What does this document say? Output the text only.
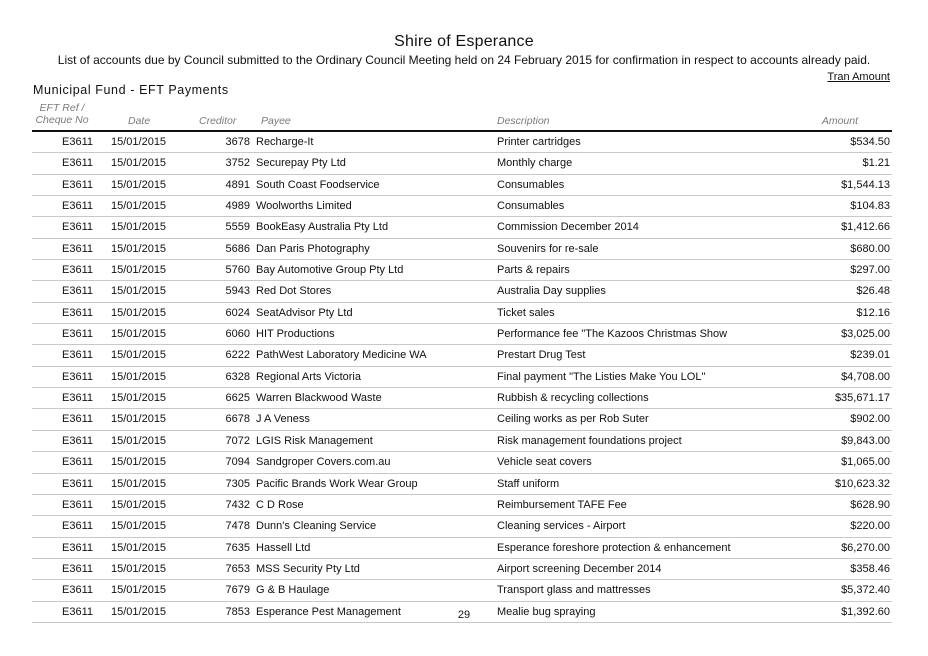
Shire of Esperance
List of accounts due by Council submitted to the Ordinary Council Meeting held on 24 February 2015 for confirmation in respect to accounts already paid.
Tran Amount
Municipal Fund - EFT Payments
EFT Ref /
Cheque No	Date	Creditor Payee	Description	Amount
E3611 15/01/2015	3678 Recharge-It	Printer cartridges	$534.50
E3611 15/01/2015	3752 Securepay Pty Ltd	Monthly charge	$1.21
E3611 15/01/2015	4891 South Coast Foodservice	Consumables	$1,544.13
E3611 15/01/2015	4989 Woolworths Limited	Consumables	$104.83
E3611 15/01/2015	5559 BookEasy Australia Pty Ltd	Commission December 2014	$1,412.66
E3611 15/01/2015	5686 Dan Paris Photography	Souvenirs for re-sale	$680.00
E3611 15/01/2015	5760 Bay Automotive Group Pty Ltd	Parts & repairs	$297.00
E3611 15/01/2015	5943 Red Dot Stores	Australia Day supplies	$26.48
E3611 15/01/2015	6024 SeatAdvisor Pty Ltd	Ticket sales	$12.16
E3611 15/01/2015	6060 HIT Productions	Performance fee "The Kazoos Christmas Show	$3,025.00
E3611 15/01/2015	6222 PathWest Laboratory Medicine WA	Prestart Drug Test	$239.01
E3611 15/01/2015	6328 Regional Arts Victoria	Final payment "The Listies Make You LOL"	$4,708.00
E3611 15/01/2015	6625 Warren Blackwood Waste	Rubbish & recycling collections	$35,671.17
E3611 15/01/2015	6678 J A Veness	Ceiling works as per Rob Suter	$902.00
E3611 15/01/2015	7072 LGIS Risk Management	Risk management foundations project	$9,843.00
E3611 15/01/2015	7094 Sandgroper Covers.com.au	Vehicle seat covers	$1,065.00
E3611 15/01/2015	7305 Pacific Brands Work Wear Group	Staff uniform	$10,623.32
E3611 15/01/2015	7432 C D Rose	Reimbursement TAFE Fee	$628.90
E3611 15/01/2015	7478 Dunn's Cleaning Service	Cleaning services - Airport	$220.00
E3611 15/01/2015	7635 Hassell Ltd	Esperance foreshore protection & enhancement	$6,270.00
E3611 15/01/2015	7653 MSS Security Pty Ltd	Airport screening December 2014	$358.46
E3611 15/01/2015	7679 G & B Haulage	Transport glass and mattresses	$5,372.40
E3611 15/01/2015	7853 Esperance Pest Management	Mealie bug spraying	$1,392.60
29
